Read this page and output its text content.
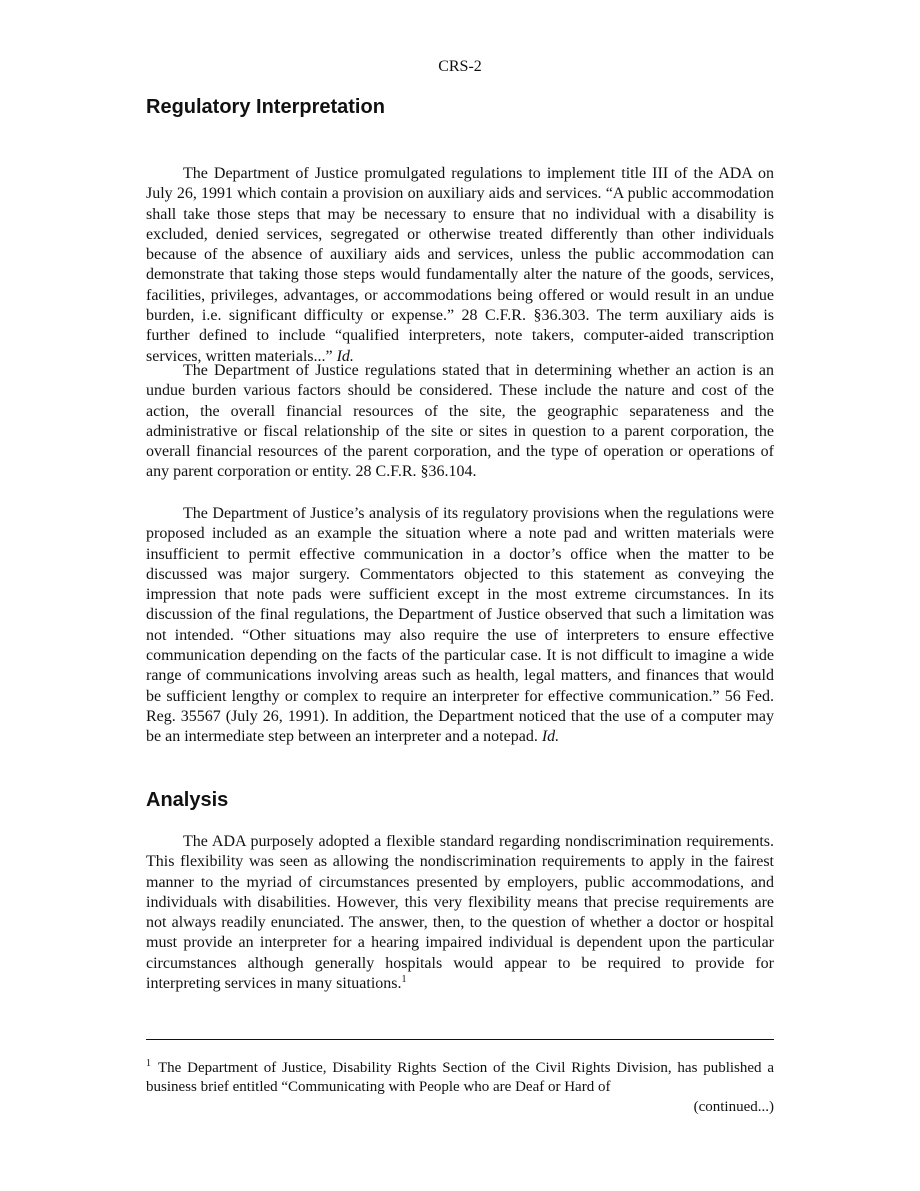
CRS-2
Regulatory Interpretation

The Department of Justice promulgated regulations to implement title III of the ADA on July 26, 1991 which contain a provision on auxiliary aids and services. “A public accommodation shall take those steps that may be necessary to ensure that no individual with a disability is excluded, denied services, segregated or otherwise treated differently than other individuals because of the absence of auxiliary aids and services, unless the public accommodation can demonstrate that taking those steps would fundamentally alter the nature of the goods, services, facilities, privileges, advantages, or accommodations being offered or would result in an undue burden, i.e. significant difficulty or expense.” 28 C.F.R. §36.303. The term auxiliary aids is further defined to include “qualified interpreters, note takers, computer-aided transcription services, written materials...” Id.

The Department of Justice regulations stated that in determining whether an action is an undue burden various factors should be considered. These include the nature and cost of the action, the overall financial resources of the site, the geographic separateness and the administrative or fiscal relationship of the site or sites in question to a parent corporation, the overall financial resources of the parent corporation, and the type of operation or operations of any parent corporation or entity. 28 C.F.R. §36.104.

The Department of Justice’s analysis of its regulatory provisions when the regulations were proposed included as an example the situation where a note pad and written materials were insufficient to permit effective communication in a doctor’s office when the matter to be discussed was major surgery. Commentators objected to this statement as conveying the impression that note pads were sufficient except in the most extreme circumstances. In its discussion of the final regulations, the Department of Justice observed that such a limitation was not intended. “Other situations may also require the use of interpreters to ensure effective communication depending on the facts of the particular case. It is not difficult to imagine a wide range of communications involving areas such as health, legal matters, and finances that would be sufficient lengthy or complex to require an interpreter for effective communication.” 56 Fed. Reg. 35567 (July 26, 1991). In addition, the Department noticed that the use of a computer may be an intermediate step between an interpreter and a notepad. Id.

Analysis

The ADA purposely adopted a flexible standard regarding nondiscrimination requirements. This flexibility was seen as allowing the nondiscrimination requirements to apply in the fairest manner to the myriad of circumstances presented by employers, public accommodations, and individuals with disabilities. However, this very flexibility means that precise requirements are not always readily enunciated. The answer, then, to the question of whether a doctor or hospital must provide an interpreter for a hearing impaired individual is dependent upon the particular circumstances although generally hospitals would appear to be required to provide for interpreting services in many situations.$^1$

$^1$ The Department of Justice, Disability Rights Section of the Civil Rights Division, has published a business brief entitled “Communicating with People who are Deaf or Hard of

(continued...)
